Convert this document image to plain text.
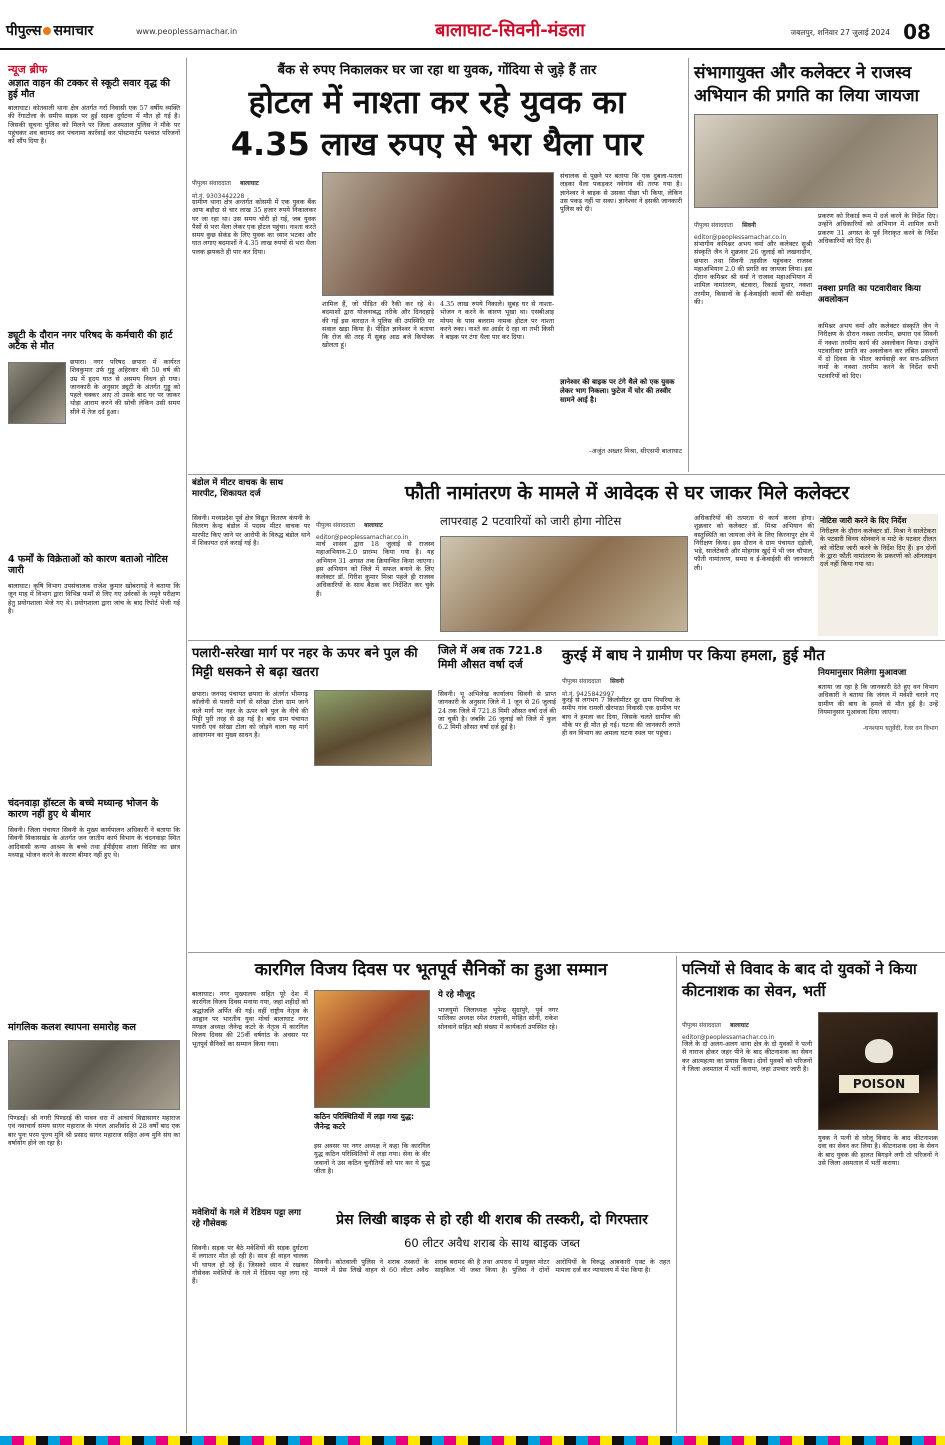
पीपुल्स समाचार	www.peoplessamachar.in	बालाघाट-सिवनी-मंडला	जबलपुर, शनिवार 27 जुलाई 2024 08
न्यूज ब्रीफ
अज्ञात वाहन की टक्कर से स्कूटी सवार वृद्ध की हुई मौत
बालाघाट। कोतवाली थाना क्षेत्र अंतर्गत गर्रा निवासी एक 57 वर्षीय व्यक्ति की रेंगाटोला के समीप सड़क पर हुई सड़क दुर्घटना में मौत हो गई है। जिसकी सूचना पुलिस को मिलने पर जिला अस्पताल पुलिस ने मौके पर पहुंचकर शव बरामद कर पंचनामा कार्रवाई कर पोस्टमार्टम पश्चात परिजनों को सौंप दिया है।
ड्यूटी के दौरान नगर परिषद के कर्मचारी की हार्ट अटैक से मौत
छपारा। नगर परिषद छपारा में कार्यरत शिवकुमार उर्फ गुड्डू अहिरवार की 50 वर्ष की उम्र में हृदय घात से असमय निधन हो गया। जानकारी के अनुसार ड्यूटी के अंतर्गत गुड्डू को पहले चक्कर आए तो उसके बाद घर पर जाकर थोड़ा आराम करने की सोची लेकिन उसी समय सीने में तेज दर्द हुआ।
4 फर्मों के विक्रेताओं को कारण बताओ नोटिस जारी
बालाघाट। कृषि विभाग उपसंचालक राजेश कुमार खोबरागड़े ने बताया कि जून माह में विभाग द्वारा विभिन्न फर्मों से लिए गए उर्वरकों के नमूने परीक्षण हेतु प्रयोगशाला भेजे गए थे। प्रयोगशाला द्वारा जांच के बाद रिपोर्ट भेजी गई है।
चंदनवाड़ा हॉस्टल के बच्चे मध्यान्ह भोजन के कारण नहीं हुए थे बीमार
सिवनी। जिला पंचायत सिवनी के मुख्य कार्यपालन अधिकारी ने बताया कि सिवनी विकासखंड के अंतर्गत जन जातीय कार्य विभाग के चंदनवाड़ा स्थित आदिवासी कन्या आश्रम के बच्चे तथा ईपीईएस शाला विशिष्ट का छात्र मध्याह्न भोजन करने के कारण बीमार नहीं हुए थे।
मांगलिक कलश स्थापना समारोह कल
पिण्डरई। श्री नगरी पिण्डरई की पावन धरा में आचार्य विद्यासागर महाराज एवं नवाचार्य समय सागर महाराज के मंगल आशीर्वाद से 28 वर्षों बाद एक बार पुनः परम पूज्य मुनि श्री प्रसाद सागर महाराज सहित अन्य मुनि संघ का वर्षायोग होने जा रहा है।
बैंक से रुपए निकालकर घर जा रहा था युवक, गोंदिया से जुड़े हैं तार
होटल में नाश्ता कर रहे युवक का
4.35 लाख रुपए से भरा थैला पार
पीपुल्स संवाददाता बालाघाट
मो.नं. 9303442228
ग्रामीण थाना क्षेत्र अन्तर्गत कोसमी में एक युवक बैंक आफ बड़ौदा से चार लाख 35 हजार रुपये निकालकर घर जा रहा था। उस समय चोरी हो गई, जब युवक पैसों से भरा थैला लेकर एक होटल पहुंचा। नाश्ता करते समय कुछ सेकंड के लिए युवक का ध्यान भटका और घात लगाए बदमाशों ने 4.35 लाख रुपयों से भरा थैला पलक झपकते ही पार कर दिया।
शामिल हैं, जो पीड़ित की रैकी कर रहे थे। बदमाशों द्वारा योजनाबद्ध तरीके और दिनदहाड़े की गई इस वारदात ने पुलिस की उपस्थिति पर सवाल खड़ा किया है। पीड़ित ज्ञानेश्वर ने बताया कि रोज की तरह मैं सुबह आठ बजे कियोस्क खोलता हूं।
4.35 लाख रुपये निकाले। सुबह घर से नाश्ता-भोजन न करने के कारण भूखा था। एसबीआइ मोयम के पास बलराम नामक होटल पर नाश्ता करने रुका। नाश्ते का आर्डर दे रहा था तभी किसी ने बाइक पर टंगा थैला पार कर दिया।
संचालक से पूछने पर बताया कि एक दुबला-पतला लड़का थैला पकड़कर नवेगांव की तरफ गया है। ज्ञानेश्वर ने बाइक से उसका पीछा भी किया, लेकिन उस पकड़ नहीं पा सका। ज्ञानेश्वर ने इसकी जानकारी पुलिस को दी।
ज्ञानेश्वर की बाइक पर टंगे थैले को एक युवक लेकर भाग निकला। फुटेज में चोर की तस्वीर सामने आई है।
-अजुंत अख्तर मिश्रा, सीएसपी बालाघाट
संभागायुक्त और कलेक्टर ने राजस्व अभियान की प्रगति का लिया जायजा
पीपुल्स संवाददाता सिवनी
editor@peoplessamachar.co.in
संभागीय कमिश्नर अभय वर्मा और कलेक्टर सुश्री संस्कृति जैन ने शुक्रवार 26 जुलाई को लखनादौन, छपारा तथा सिवनी तहसील पहुंचकर राजस्व महाअभियान 2.0 की प्रगति का जायजा लिया। इस दौरान कमिश्नर श्री वर्मा ने राजस्व महाअभियान में शामिल नामांतरण, बंटवारा, रिकार्ड सुधार, नक्शा तरमीम, किसानों के ई-केवाईसी कार्यों की समीक्षा की।
प्रकरण को रिकार्ड रूम में दर्ज करने के निर्देश दिए। उन्होंने अधिकारियों को अभियान में शामिल सभी प्रकरण 31 अगस्त के पूर्व निराकृत करने के निर्देश अधिकारियों को दिए हैं।
नक्शा प्रगति का पटवारीवार किया अवलोकन
कमिश्नर अभय वर्मा और कलेक्टर संस्कृति जैन ने निरीक्षण के दौरान नक्शा तरमीम, छपारा एवं सिवनी में नक्शा तरमीम कार्य की अवलोकन किया। उन्होंने पटवारीवार प्रगति का अवलोकन कर लंबित प्रकरणों में दो दिवस के भीतर कार्यवाही कर सत्त-प्रतिशत नामों के नक्शा तरमीम करने के निर्देश सभी पटवारियों को दिए।
बंडोल में मीटर वाचक के साथ मारपीट, शिकायत दर्ज
सिवनी। मध्यप्रदेश पूर्व क्षेत्र विद्युत वितरण कंपनी के वितरण केन्द्र बंडोल में पदस्थ मीटर वाचक पर मारपीट किए जाने पर आरोपी के विरुद्ध बंडोल थाने में शिकायत दर्ज कराई गई है।
फौती नामांतरण के मामले में आवेदक से घर जाकर मिले कलेक्टर
पीपुल्स संवाददाता बालाघाट
editor@peoplessamachar.co.in
लापरवाह 2 पटवारियों को जारी होगा नोटिस
मार्च शासन द्वारा 18 जुलाई से राजस्व महाअभियान-2.0 प्रारम्भ किया गया है। यह अभियान 31 अगस्त तक क्रियान्वित किया जाएगा। इस अभियान को जिले में सफल बनाने के लिए कलेक्टर डॉ. गिरीश कुमार मिश्रा पहले ही राजस्व अधिकारियों के साथ बैठक कर निर्देशित कर चुके हैं।
अधिकारियों की तत्परता से कार्य करना होगा। शुक्रवार को कलेक्टर डॉ. मिश्रा अभियान की वस्तुस्थिति का जायजा लेने के लिए किरनापुर क्षेत्र में निरीक्षण किया। इस दौरान वे ग्राम पंचायत दड़ोली, भड़े, सालेटेकरी और मोहगांव खुर्द में भी जन चौपाल, फौती नामांतरण, समग्र व ई-केवाईसी की जानकारी ली।
नोटिस जारी करने के दिए निर्देश
निरीक्षण के दौरान कलेक्टर डॉ. मिश्रा ने सालेटेकरा के पटवारी विनय सोनवाने व माटे के पटवार दीलत को नोटिस जारी करने के निर्देश दिए हैं। इन दोनों के द्वारा फौती नामांतरण के प्रकरणों को ऑनलाइन दर्ज नहीं किया गया था।
पलारी-सरेखा मार्ग पर नहर के ऊपर बने पुल की मिट्टी धसकने से बढ़ा खतरा
छपारा। जनपद पंचायत छपारा के अंतर्गत भीमगढ़ कॉलोनी से पलारी मार्ग से सरेखा टोला ग्राम जाने वाले मार्ग पर नहर के ऊपर बने पुल के नीचे की मिट्टी पुरी तरह से ढह गई है। बांध ग्राम पंचायत पलारी एवं सरेखा टोला को जोड़ने वाला यह मार्ग आवागमन का मुख्य साधन है।
जिले में अब तक 721.8 मिमी औसत वर्षा दर्ज
सिवनी। भू अभिलेख कार्यालय सिवनी से प्राप्त जानकारी के अनुसार जिले में 1 जून से 26 जुलाई 24 तक जिले में 721.8 मिमी औसत वर्षा दर्ज की जा चुकी है। जबकि 26 जुलाई को जिले में कुल 6.2 मिमी औसत वर्षा दर्ज हुई है।
कुरई में बाघ ने ग्रामीण पर किया हमला, हुई मौत
पीपुल्स संवाददाता सिवनी
मो.नं. 9425842997
कुरई से लगभग 7 किलोमीटर दूर ग्राम पिपरिया के समीप गांव रामली खैरपाठा निवासी एक ग्रामीण पर बाघ ने हमला कर दिया, जिसके चलते ग्रामीण की मौके पर ही मौत हो गई। घटना की जानकारी लगते ही वन विभाग का अमला घटना स्थल पर पहुंचा।
नियमानुसार मिलेगा मुआवजा
बताया जा रहा है कि जानकारी देते हुए वन विभाग अधिकारी ने बताया कि जंगल में मवेशी चराने गए ग्रामीण की बाघ के हमले से मौत हुई है। उन्हें नियमानुसार मुआवजा दिया जाएगा।
-घनश्याम चतुर्वेदी, रेंजर वन विभाग
कारगिल विजय दिवस पर भूतपूर्व सैनिकों का हुआ सम्मान
बालाघाट। नगर मुख्यालय सहित पूरे देश में कारगिल विजय दिवस मनाया गया, जहां शहीदों को श्रद्धांजलि अर्पित की गई। वहीं राष्ट्रीय नेतृत्व के आह्वान पर भारतीय युवा मोर्चा बालाघाट नगर मण्डल अध्यक्ष जैनेन्द्र कटरे के नेतृत्व में कारगिल विजय दिवस की 25वीं वर्षगांठ के अवसर पर भूतपूर्व सैनिकों का सम्मान किया गया।
कठिन परिस्थितियों में लड़ा गया युद्ध: जैनेन्द्र कटरे
इस अवसर पर नगर अध्यक्ष ने कहा कि कारगिल युद्ध कठिन परिस्थितियों में लड़ा गया। सेना के वीर जवानों ने उस कठिन चुनौतियों को पार कर ये युद्ध जीता है।
ये रहे मौजूद
भाजयुमो जिलाध्यक्ष भूपेन्द्र सुग्रापुरे, पूर्व नगर पालिका अध्यक्ष रमेश रंगलानी, मोहित सोनी, राकेश सोनवाने सहित बड़ी संख्या में कार्यकर्ता उपस्थित रहे।
मवेशियों के गले में रेडियम पट्टा लगा रहे गौसेवक
सिवनी। सड़क पर बैठे मवेशियों की सड़क दुर्घटना में लगातार मौत हो रही है। साथ ही वाहन चालक भी घायल हो रहे हैं। जिसको ध्यान में रखकर गौसेवक मवेशियों के गले में रेडियम पट्टा लगा रहे हैं।
प्रेस लिखी बाइक से हो रही थी शराब की तस्करी, दो गिरफ्तार
60 लीटर अवैध शराब के साथ बाइक जब्त
सिवनी। कोतवाली पुलिस ने शराब तस्करों के मामले में प्रेस लिखे वाहन से 60 लीटर अवैध शराब बरामद की है तथा अपराध में प्रयुक्त मोटर साइकिल भी जब्त किया है। पुलिस ने दोनों आरोपियों के विरुद्ध आबकारी एक्ट के तहत मामला दर्ज कर न्यायालय में पेश किया है।
पत्नियों से विवाद के बाद दो युवकों ने किया कीटनाशक का सेवन, भर्ती
पीपुल्स संवाददाता बालाघाट
editor@peoplessamachar.co.in
जिले के दो अलग-अलग थाना क्षेत्र के दो युवकों ने पत्नी से नाराज होकर जहर पीने के बाद कीटनाशक का सेवन कर आत्महत्या का प्रयास किया। दोनों युवकों को परिजनों ने जिला अस्पताल में भर्ती कराया, जहां उपचार जारी है।
POISON
युवक ने पत्नी से घरेलू विवाद के बाद कीटनाशक दवा का सेवन कर लिया है। कीटनाशक दवा के सेवन के बाद युवक की हालत बिगड़ने लगी तो परिजनों ने उसे जिला अस्पताल में भर्ती कराया।
